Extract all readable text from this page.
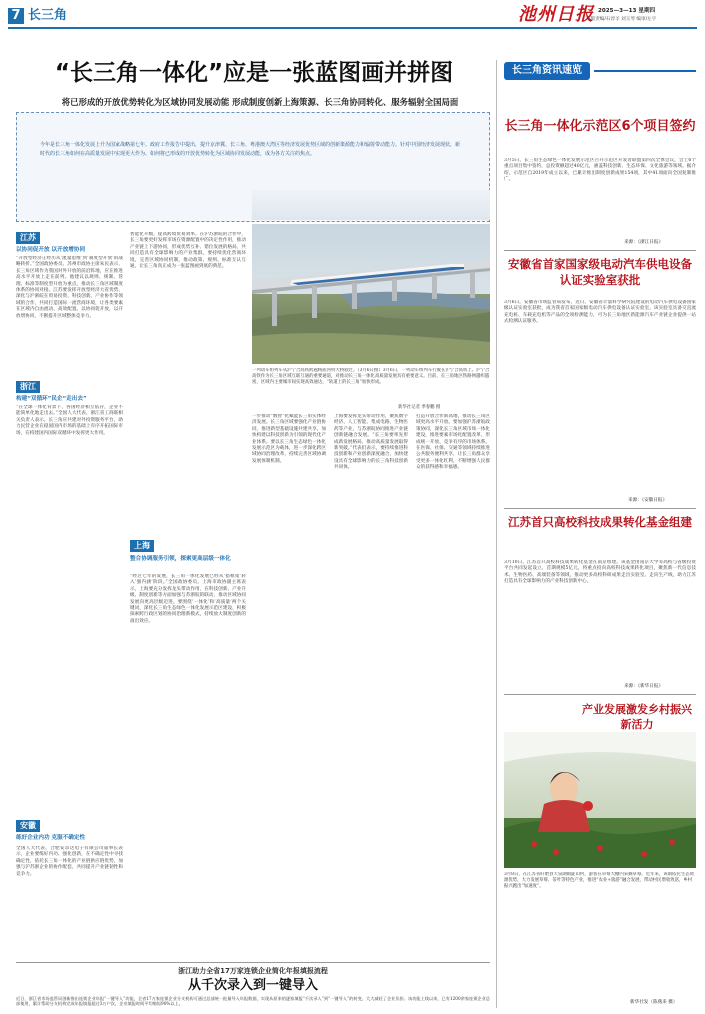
7 长三角	池州日报 2025—3—13 星期四
本版责编/石淳羊 刘玉琴 编审/左宇
“长三角一体化”应是一张蓝图画并拼图
将已形成的开放优势转化为区域协同发展动能 形成制度创新上海策源、长三角协同转化、服务辐射全国局面
今年是长三角一体化发展上升为国家战略第七年。政府工作报告中提出，提升京津冀、长三角、粤港澳大湾区等经济发展优势区域的创新策源能力和辐射带动能力。针对中国经济发展现状，新时代的长三角如何在高质量发展中实现更大作为、如何将已形成的开放优势转化为区域协同发展动能，成为各方关注的焦点。
江苏
以协同促开放 以开放增协同
“开放型经济正经历从‘流量思维’到‘制度型开放’的战略转折。”全国政协委员、苏州市政协主席朱民表示，长三角区域作为我国对外开放的前沿阵地，应在推进高水平开放上走在前列。他建议以规则、规制、管理、标准等制度型开放为重点，推动长三角区域制度体系的协同对接。江苏要发挥开放型经济大省优势，深化与沪浙皖在贸易投资、科技创新、产业协作等领域的合作，共同打造国际一流营商环境，让各类要素在区域内自由流动、高效配置。以协同促开放，以开放增协同，不断提升区域整体竞争力。
浙江
构建“双循环”民企“走出去”
“在全球一体化背景下，各国经济相互依存，企业不能简单化地走出去。”全国人大代表、浙江省工商联相关负责人表示，长三角应共建对外投资服务平台，助力民营企业在稳固国内市场的基础上有序开拓国际市场，在构建国内国际双循环中发挥更大作用。
安徽
练好企业内功 克服不确定性
全国人大代表、合肥安奈达电子有限公司董事长表示，企业要练好内功、强化创新，在不确定性中寻找确定性，依托长三角一体化的产业链供应链优势，加强与沪苏浙企业的协作配套，共同提升产业链韧性和竞争力。
智能化升级，提高跨境贸易效率。在沪苏浙皖的合作中，长三角要更好发挥市场在资源配置中的决定性作用，推动产业链上下游协同，形成优势互补、错位发展的格局，共同打造具有全球影响力的产业集群。要持续优化营商环境，完善区域协同机制，推动政策、规则、标准互认互通，让长三角真正成为一张蓝图画到底的典范。
上海
整合协调服务引领，探索更高层级一体化
“经过七年的发展，长三角一体化发展已经从‘搭框架’转入‘强内涵’阶段。”全国政协委员、上海市政协副主席表示，上海要充分发挥龙头带动作用，在科技创新、产业升级、制度创新等方面加强与苏浙皖的联动，推动区域协同发展向更高层级迈进。要围绕‘一体化’和‘高质量’两个关键词，深化长三角生态绿色一体化发展示范区建设，积极探索跨行政区划的协同治理新模式，持续放大制度创新的溢出效应。
一列动车组列车从沪宁合高铁跨越杨庙河特大桥驶过。（3月6日摄）3月6日，一列动车组列车行驶在沪宁合高铁上。沪宁合高铁作为长三角区域互联互通的重要通道，对推动长三角一体化高质量发展具有重要意义。目前，长三角地区铁路网越织越密，区域内主要城市间实现高效通达，“轨道上的长三角”加快形成。
新华社记者 季春鹏 摄
一步推动“数智”化赋能长三角实体经济发展。长三角区域要强化产业链协同，推进新型基础设施共建共享，加快构建以科技创新为引领的现代化产业体系。要以长三角生态绿色一体化发展示范区为载体，进一步深化跨区域协同治理改革，持续完善区域协调发展体制机制。
上海要发挥龙头带动作用，聚焦数字经济、人工智能、集成电路、生物医药等产业，与苏浙皖协同推进产业链创新链融合发展。“长三角要率先形成新发展格局，推动高质量发展取得新突破。”代表们表示，要持续推进科技创新和产业创新深度融合，加快建设具有全球影响力的长三角科技创新共同体。
打造开放合作新高地，推动长三角区域更高水平开放。要加强沪苏浙皖政策协同，深化长三角区域市场一体化建设，推进要素市场化配置改革，形成统一开放、竞争有序的市场体系。在医保、社保、交通等领域持续推进公共服务便利共享，让长三角群众享受更多一体化红利，不断增强人民群众的获得感和幸福感。
浙江助力全省17万家连锁企业简化年报填报流程
从千次录入到一键导入
近日，浙江省市场监管局创新推出连锁企业年报“一键导入”功能，全省17万家连锁企业分支机构可通过总部统一批量导入年报数据，实现从原来的逐家填报“千次录入”到“一键导入”的转变，大大减轻了企业负担。该功能上线以来，已有1200余家连锁企业总部使用，累计帮助分支机构完成年报填报超过3万户次，企业填报时间平均缩短90%以上。
长三角资讯速览
长三角一体化示范区6个项目签约
3月5日，长三角生态绿色一体化发展示范区召开示范区开发者联盟第四次全体会议，会上6个重点项目集中签约，总投资额超过40亿元，涵盖科技创新、生态环保、文化旅游等领域。据介绍，示范区自2019年成立以来，已累计推出制度创新成果154项，其中41项面向全国复制推广。
来源：《浙江日报》
安徽省首家国家级电动汽车供电设备认证实验室获批
3月6日，安徽省市场监管局发布，近日，安徽省计量科学研究院建设的电动汽车供电设备国家级认证实验室获批，成为我省首家国家级电动汽车供电设备认证实验室。该实验室具备交直流充电桩、车载充电机等产品的全项检测能力，可为长三角地区新能源汽车产业链企业提供一站式检测认证服务。
来源：《安徽日报》
江苏首只高校科技成果转化基金组建
3月10日，江苏首只高校科技成果转化基金在南京组建。该基金由南京大学等高校与省级投资平台共同发起设立，首期规模5亿元，将重点投向高校科技成果转化项目，聚焦新一代信息技术、生物医药、高端装备等领域，推动更多高校科研成果走出实验室、走向生产线，助力江苏打造具有全球影响力的产业科技创新中心。
来源：《新华日报》
产业发展激发乡村振兴新活力
3月8日，在江苏省盱眙县天泉湖镇陡山村，游客在草莓大棚内采摘草莓。近年来，该镇依托生态资源优势，大力发展草莓、茶叶等特色产业，推进“农业+旅游”融合发展，带动村民增收致富，乡村振兴跑出“加速度”。
新华社发（陈燕来 摄）
